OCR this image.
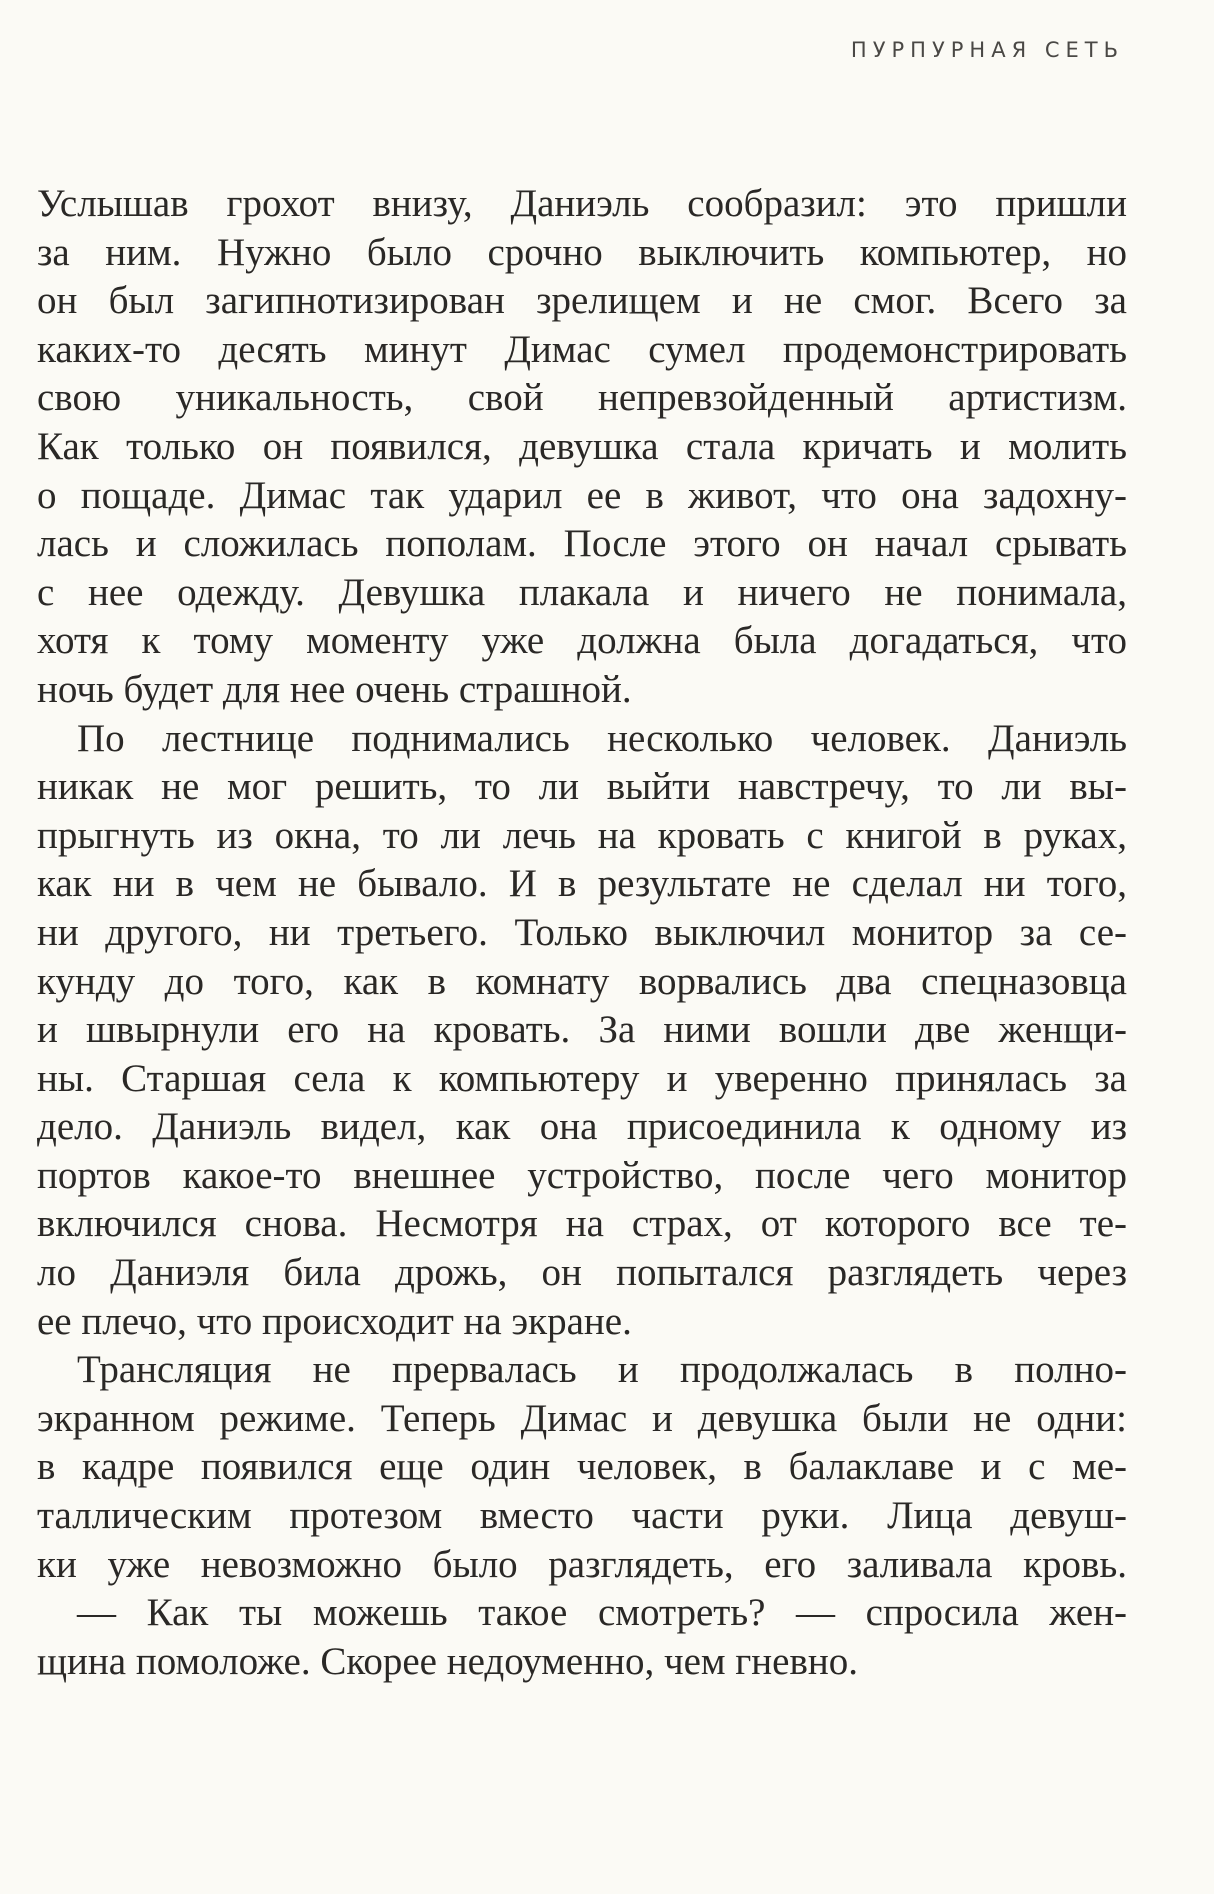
ПУРПУРНАЯ СЕТЬ
Услышав грохот внизу, Даниэль сообразил: это пришли
за ним. Нужно было срочно выключить компьютер, но
он был загипнотизирован зрелищем и не смог. Всего за
каких-то десять минут Димас сумел продемонстрировать
свою уникальность, свой непревзойденный артистизм.
Как только он появился, девушка стала кричать и молить
о пощаде. Димас так ударил ее в живот, что она задохну-
лась и сложилась пополам. После этого он начал срывать
с нее одежду. Девушка плакала и ничего не понимала,
хотя к тому моменту уже должна была догадаться, что
ночь будет для нее очень страшной.
По лестнице поднимались несколько человек. Даниэль
никак не мог решить, то ли выйти навстречу, то ли вы-
прыгнуть из окна, то ли лечь на кровать с книгой в руках,
как ни в чем не бывало. И в результате не сделал ни того,
ни другого, ни третьего. Только выключил монитор за се-
кунду до того, как в комнату ворвались два спецназовца
и швырнули его на кровать. За ними вошли две женщи-
ны. Старшая села к компьютеру и уверенно принялась за
дело. Даниэль видел, как она присоединила к одному из
портов какое-то внешнее устройство, после чего монитор
включился снова. Несмотря на страх, от которого все те-
ло Даниэля била дрожь, он попытался разглядеть через
ее плечо, что происходит на экране.
Трансляция не прервалась и продолжалась в полно-
экранном режиме. Теперь Димас и девушка были не одни:
в кадре появился еще один человек, в балаклаве и с ме-
таллическим протезом вместо части руки. Лица девуш-
ки уже невозможно было разглядеть, его заливала кровь.
— Как ты можешь такое смотреть? — спросила жен-
щина помоложе. Скорее недоуменно, чем гневно.
